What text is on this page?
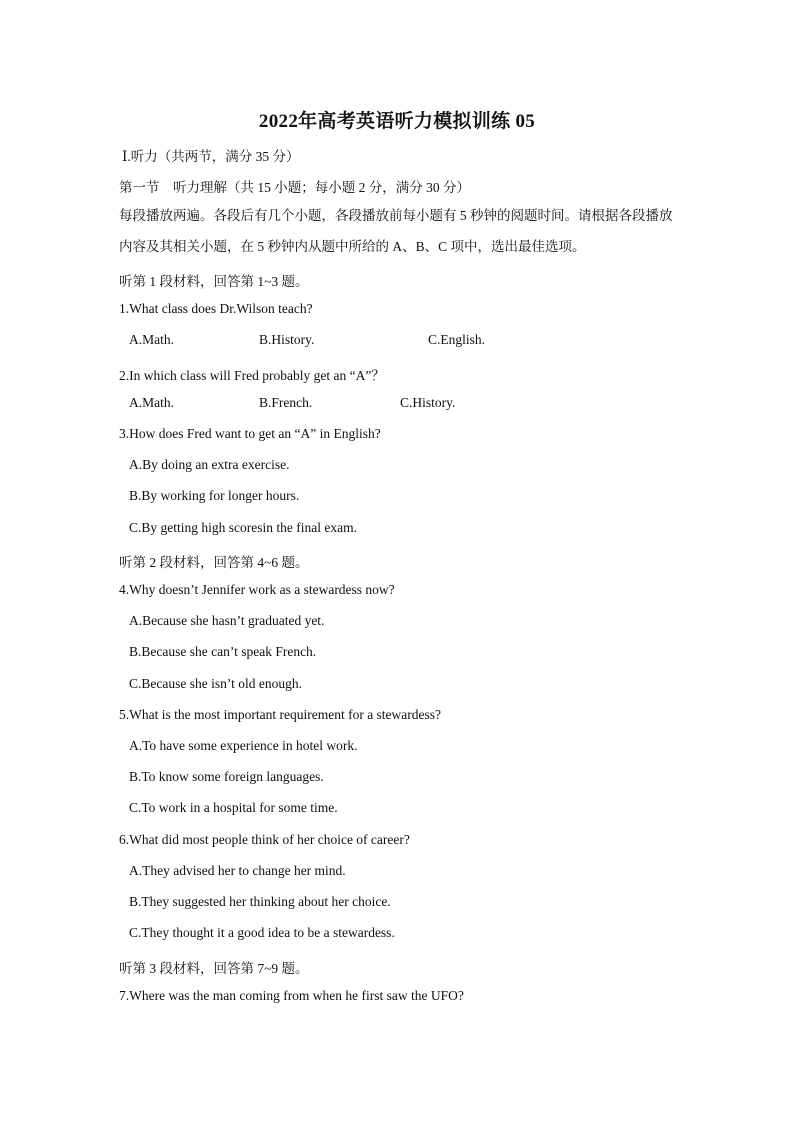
2022年高考英语听力模拟训练 05
Ⅰ.听力（共两节，满分 35 分）
第一节　听力理解（共 15 小题；每小题 2 分，满分 30 分）
每段播放两遍。各段后有几个小题，各段播放前每小题有 5 秒钟的阅题时间。请根据各段播放内容及其相关小题，在 5 秒钟内从题中所给的 A、B、C 项中，选出最佳选项。
听第 1 段材料，回答第 1~3 题。
1.What class does Dr.Wilson teach?
A.Math.	B.History.	C.English.
2.In which class will Fred probably get an “A”？
A.Math.	B.French.	C.History.
3.How does Fred want to get an “A” in English?
A.By doing an extra exercise.
B.By working for longer hours.
C.By getting high scoresin the final exam.
听第 2 段材料，回答第 4~6 题。
4.Why doesn’t Jennifer work as a stewardess now?
A.Because she hasn’t graduated yet.
B.Because she can’t speak French.
C.Because she isn’t old enough.
5.What is the most important requirement for a stewardess?
A.To have some experience in hotel work.
B.To know some foreign languages.
C.To work in a hospital for some time.
6.What did most people think of her choice of career?
A.They advised her to change her mind.
B.They suggested her thinking about her choice.
C.They thought it a good idea to be a stewardess.
听第 3 段材料，回答第 7~9 题。
7.Where was the man coming from when he first saw the UFO?
